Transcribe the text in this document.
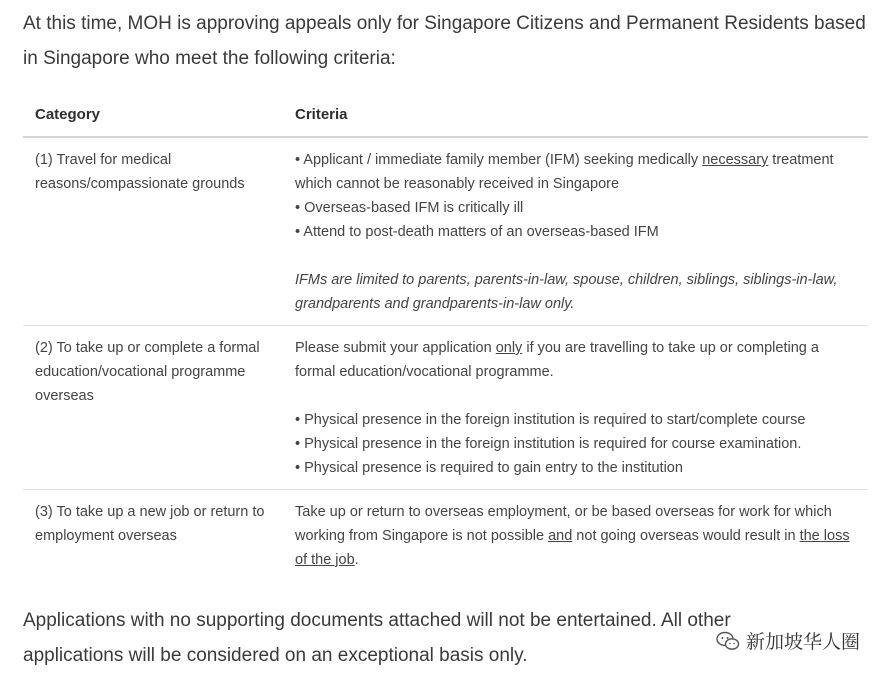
At this time, MOH is approving appeals only for Singapore Citizens and Permanent Residents based in Singapore who meet the following criteria:

Category	Criteria
(1) Travel for medical reasons/compassionate grounds	• Applicant / immediate family member (IFM) seeking medically necessary treatment which cannot be reasonably received in Singapore
• Overseas-based IFM is critically ill
• Attend to post-death matters of an overseas-based IFM
IFMs are limited to parents, parents-in-law, spouse, children, siblings, siblings-in-law, grandparents and grandparents-in-law only.

(2) To take up or complete a formal education/vocational programme overseas	Please submit your application only if you are travelling to take up or completing a formal education/vocational programme.
• Physical presence in the foreign institution is required to start/complete course
• Physical presence in the foreign institution is required for course examination.
• Physical presence is required to gain entry to the institution

(3) To take up a new job or return to employment overseas	Take up or return to overseas employment, or be based overseas for work for which working from Singapore is not possible and not going overseas would result in the loss of the job.

Applications with no supporting documents attached will not be entertained. All other applications will be considered on an exceptional basis only.

新加坡华人圈
